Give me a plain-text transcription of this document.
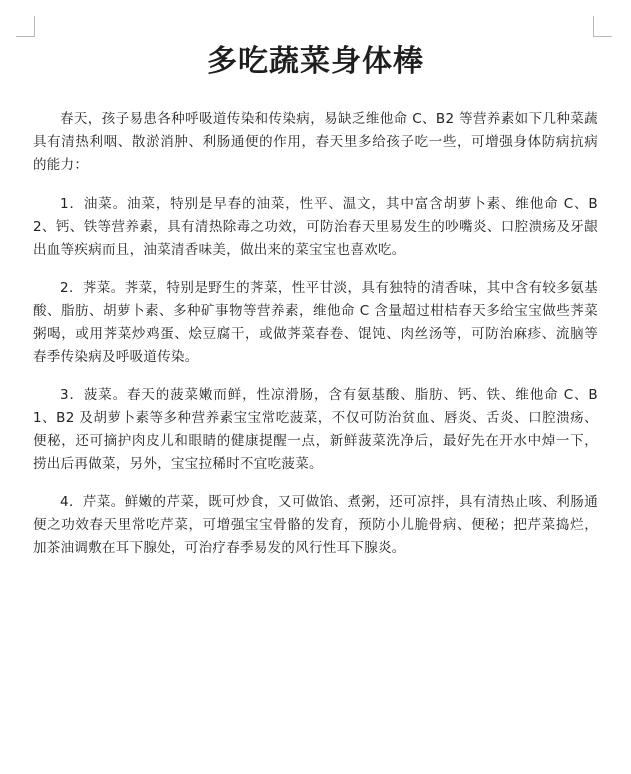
多吃蔬菜身体棒

春天，孩子易患各种呼吸道传染和传染病，易缺乏维他命 C、B2 等营养素如下几种菜蔬具有清热利咽、散淤消肿、利肠通便的作用，春天里多给孩子吃一些，可增强身体防病抗病的能力：

1．油菜。油菜，特别是早春的油菜，性平、温文，其中富含胡萝卜素、维他命 C、B2、钙、铁等营养素，具有清热除毒之功效，可防治春天里易发生的吵嘴炎、口腔溃疡及牙龈出血等疾病而且，油菜清香味美，做出来的菜宝宝也喜欢吃。

2．荠菜。荠菜，特别是野生的荠菜，性平甘淡，具有独特的清香味，其中含有较多氨基酸、脂肪、胡萝卜素、多种矿事物等营养素，维他命 C 含量超过柑桔春天多给宝宝做些荠菜粥喝，或用荠菜炒鸡蛋、烩豆腐干，或做荠菜春卷、馄饨、肉丝汤等，可防治麻疹、流脑等春季传染病及呼吸道传染。

3．菠菜。春天的菠菜嫩而鲜，性凉滑肠，含有氨基酸、脂肪、钙、铁、维他命 C、B1、B2 及胡萝卜素等多种营养素宝宝常吃菠菜，不仅可防治贫血、唇炎、舌炎、口腔溃疡、便秘，还可摘护肉皮儿和眼睛的健康提醒一点，新鲜菠菜洗净后，最好先在开水中焯一下，捞出后再做菜，另外，宝宝拉稀时不宜吃菠菜。

4．芹菜。鲜嫩的芹菜，既可炒食，又可做馅、煮粥，还可凉拌，具有清热止咳、利肠通便之功效春天里常吃芹菜，可增强宝宝骨骼的发育，预防小儿脆骨病、便秘；把芹菜捣烂，加茶油调敷在耳下腺处，可治疗春季易发的风行性耳下腺炎。
